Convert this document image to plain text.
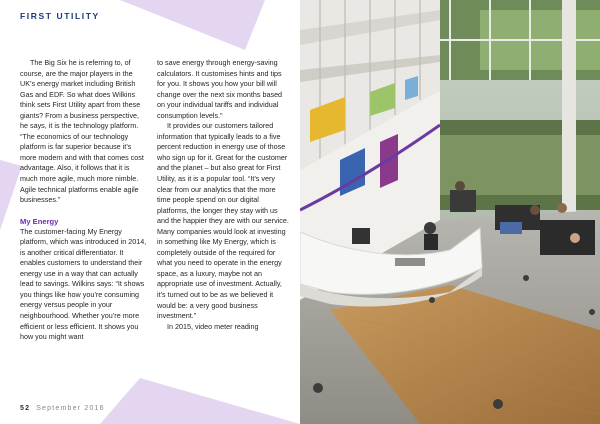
FIRST UTILITY

The Big Six he is referring to, of course, are the major players in the UK’s energy market including British Gas and EDF. So what does Wilkins think sets First Utility apart from these giants? From a business perspective, he says, it is the technology platform. “The economics of our technology platform is far superior because it’s more modern and with that comes cost advantage. Also, it follows that it is much more agile, much more nimble. Agile technical platforms enable agile businesses.”

My Energy

The customer-facing My Energy platform, which was introduced in 2014, is another critical differentiator. It enables customers to understand their energy use in a way that can actually lead to savings. Wilkins says: “It shows you things like how you’re consuming energy versus people in your neighbourhood. Whether you’re more efficient or less efficient. It shows you how you might want

to save energy through energy-saving calculators. It customises hints and tips for you. It shows you how your bill will change over the next six months based on your individual tariffs and individual consumption levels.”

It provides our customers tailored information that typically leads to a five percent reduction in energy use of those who sign up for it. Great for the customer and the planet – but also great for First Utility, as it is a popular tool. “It’s very clear from our analytics that the more time people spend on our digital platforms, the longer they stay with us and the happier they are with our service. Many companies would look at investing in something like My Energy, which is completely outside of the required for what you need to operate in the energy space, as a luxury, maybe not an appropriate use of investment. Actually, it’s turned out to be as we believed it would be: a very good business investment.”

In 2015, video meter reading

52 September 2016
